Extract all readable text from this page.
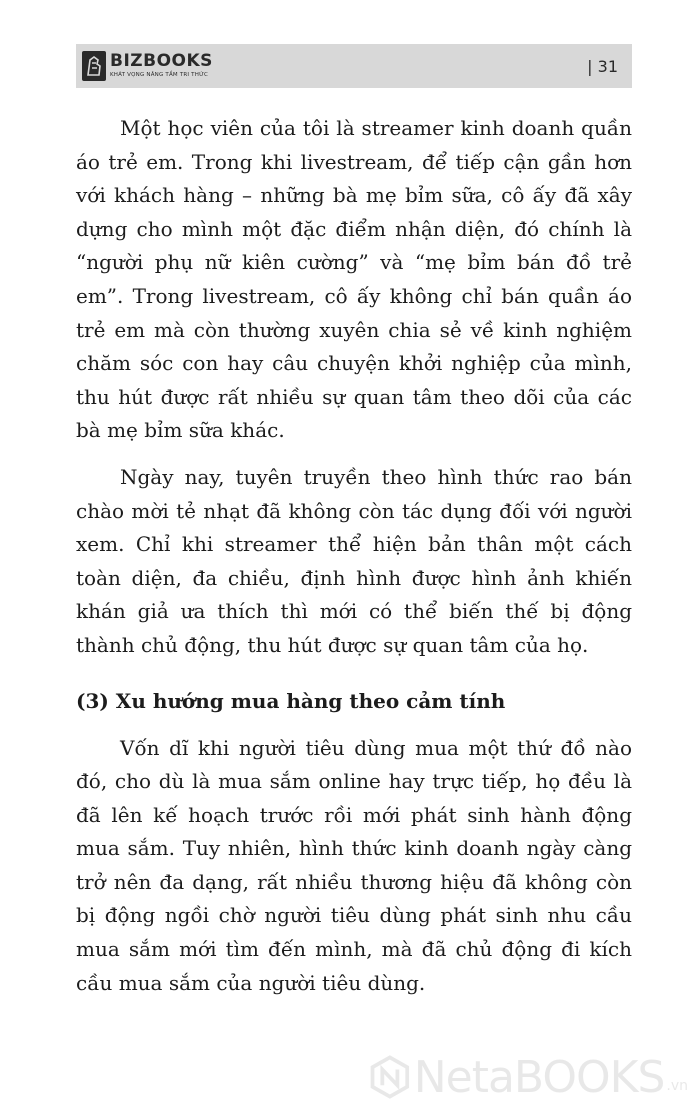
BIZBOOKS
KHÁT VỌNG NÂNG TẦM TRI THỨC	| 31

Một học viên của tôi là streamer kinh doanh quần áo trẻ em. Trong khi livestream, để tiếp cận gần hơn với khách hàng – những bà mẹ bỉm sữa, cô ấy đã xây dựng cho mình một đặc điểm nhận diện, đó chính là “người phụ nữ kiên cường” và “mẹ bỉm bán đồ trẻ em”. Trong livestream, cô ấy không chỉ bán quần áo trẻ em mà còn thường xuyên chia sẻ về kinh nghiệm chăm sóc con hay câu chuyện khởi nghiệp của mình, thu hút được rất nhiều sự quan tâm theo dõi của các bà mẹ bỉm sữa khác.

Ngày nay, tuyên truyền theo hình thức rao bán chào mời tẻ nhạt đã không còn tác dụng đối với người xem. Chỉ khi streamer thể hiện bản thân một cách toàn diện, đa chiều, định hình được hình ảnh khiến khán giả ưa thích thì mới có thể biến thế bị động thành chủ động, thu hút được sự quan tâm của họ.

(3) Xu hướng mua hàng theo cảm tính

Vốn dĩ khi người tiêu dùng mua một thứ đồ nào đó, cho dù là mua sắm online hay trực tiếp, họ đều là đã lên kế hoạch trước rồi mới phát sinh hành động mua sắm. Tuy nhiên, hình thức kinh doanh ngày càng trở nên đa dạng, rất nhiều thương hiệu đã không còn bị động ngồi chờ người tiêu dùng phát sinh nhu cầu mua sắm mới tìm đến mình, mà đã chủ động đi kích cầu mua sắm của người tiêu dùng.

NetaBOOKS .vn
